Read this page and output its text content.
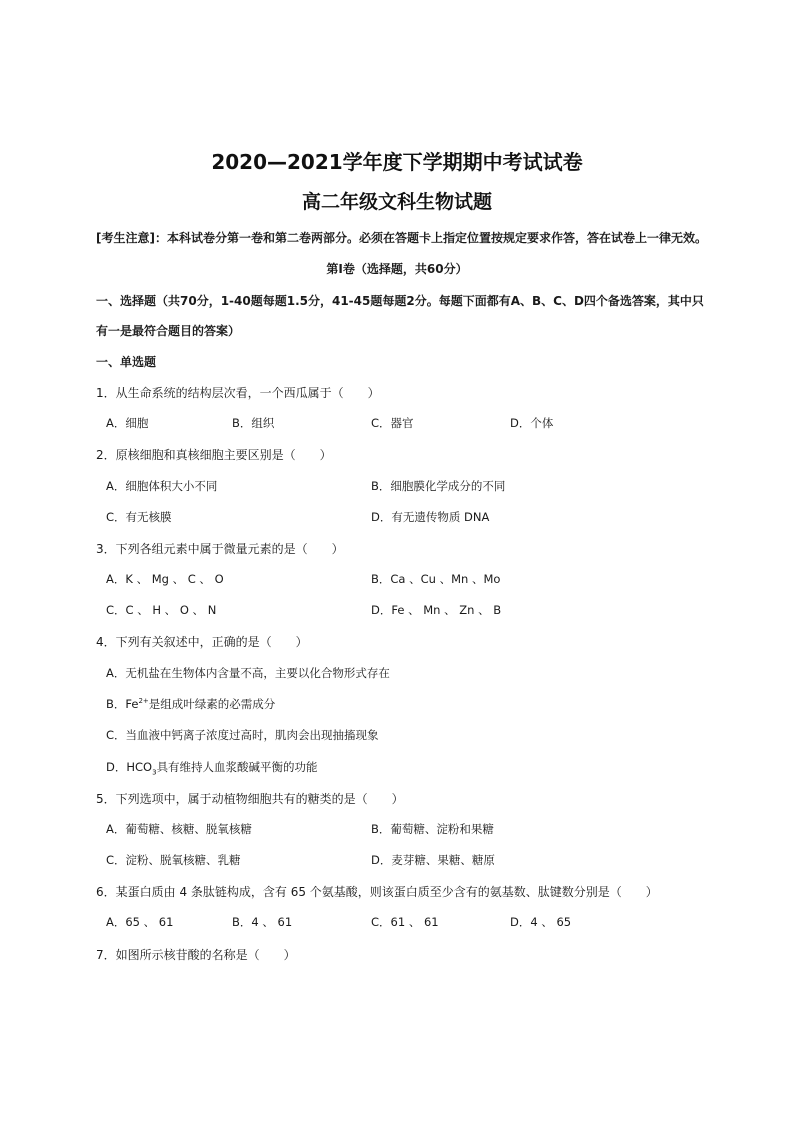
2020—2021学年度下学期期中考试试卷
高二年级文科生物试题
[考生注意]：本科试卷分第一卷和第二卷两部分。必须在答题卡上指定位置按规定要求作答，答在试卷上一律无效。
第Ⅰ卷（选择题，共60分）
一、选择题（共70分，1-40题每题1.5分，41-45题每题2分。每题下面都有A、B、C、D四个备选答案，其中只
有一是最符合题目的答案）
一、单选题
1．从生命系统的结构层次看，一个西瓜属于（　　）
A．细胞	B．组织	C．器官	D．个体
2．原核细胞和真核细胞主要区别是（　　）
A．细胞体积大小不同	B．细胞膜化学成分的不同
C．有无核膜	D．有无遗传物质 DNA
3．下列各组元素中属于微量元素的是（　　）
A．K 、 Mg 、 C 、 O	B．Ca 、Cu 、Mn 、Mo
C．C 、 H 、 O 、 N	D．Fe 、 Mn 、 Zn 、 B
4．下列有关叙述中，正确的是（　　）
A．无机盐在生物体内含量不高，主要以化合物形式存在
B．$Fe^{2+}$是组成叶绿素的必需成分
C．当血液中钙离子浓度过高时，肌肉会出现抽搐现象
D．$HCO_3$具有维持人血浆酸碱平衡的功能
5．下列选项中，属于动植物细胞共有的糖类的是（　　）
A．葡萄糖、核糖、脱氧核糖	B．葡萄糖、淀粉和果糖
C．淀粉、脱氧核糖、乳糖	D．麦芽糖、果糖、糖原
6．某蛋白质由 4 条肽链构成，含有 65 个氨基酸，则该蛋白质至少含有的氨基数、肽键数分别是（　　）
A．65 、 61	B．4 、 61	C．61 、 61	D．4 、 65
7．如图所示核苷酸的名称是（　　）
